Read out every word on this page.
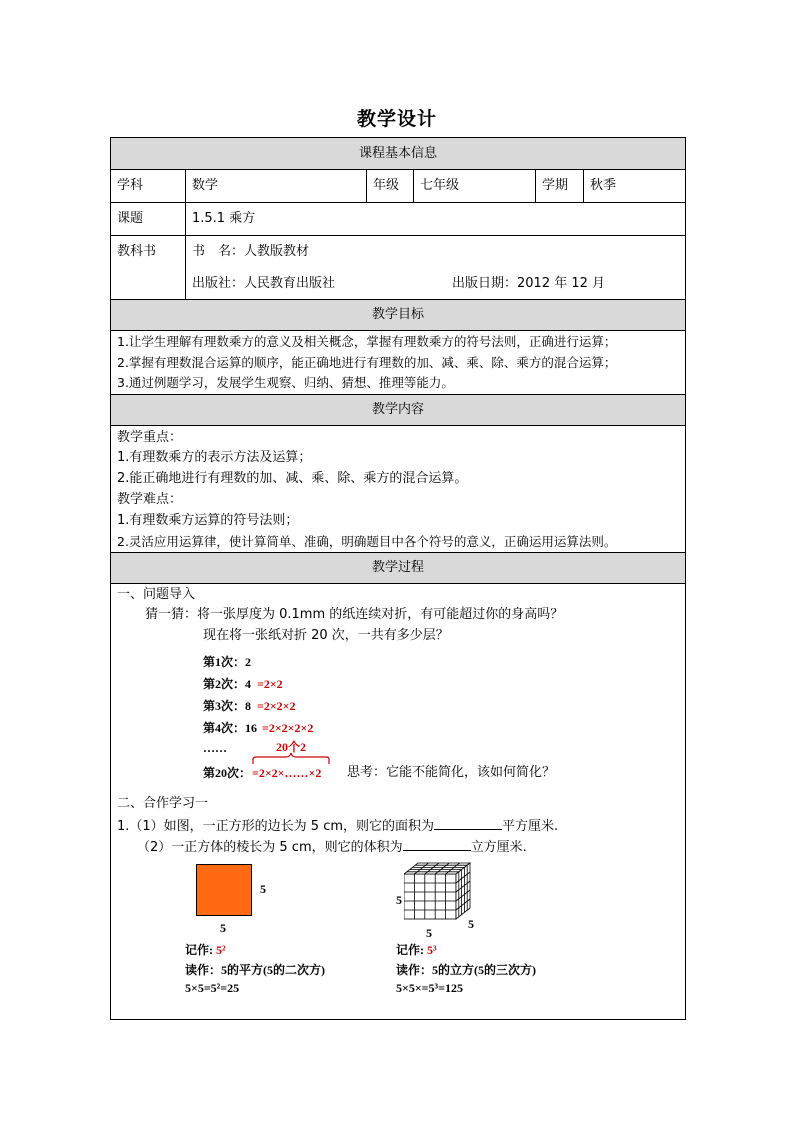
教学设计
课程基本信息
教学目标
教学内容
教学过程
学科	数学	年级 七年级	学期 秋季
课题	1.5.1 乘方
教科书	书　名：人教版教材
出版社：人民教育出版社	出版日期：2012 年 12 月
1.让学生理解有理数乘方的意义及相关概念，掌握有理数乘方的符号法则，正确进行运算；
2.掌握有理数混合运算的顺序，能正确地进行有理数的加、减、乘、除、乘方的混合运算；
3.通过例题学习，发展学生观察、归纳、猜想、推理等能力。
教学重点：
1.有理数乘方的表示方法及运算；
2.能正确地进行有理数的加、减、乘、除、乘方的混合运算。
教学难点：
1.有理数乘方运算的符号法则；
2.灵活应用运算律，使计算简单、准确，明确题目中各个符号的意义，正确运用运算法则。
一、问题导入
猜一猜：将一张厚度为 0.1mm 的纸连续对折，有可能超过你的身高吗？
现在将一张纸对折 20 次，一共有多少层？
第1次：2
第2次：4 =2×2
第3次：8 =2×2×2
第4次：16 =2×2×2×2
……	20个2
第20次： =2×2×……×2 思考：它能不能简化，该如何简化？
二、合作学习一
1.（1）如图，一正方形的边长为 5 cm，则它的面积为	平方厘米.
（2）一正方体的棱长为 5 cm，则它的体积为	立方厘米.
5
5
记作: 5²
读作：5的平方(5的二次方)
5×5=5²=25
5
5
5
记作: 5³
读作：5的立方(5的三次方)
5×5×=5³=125
